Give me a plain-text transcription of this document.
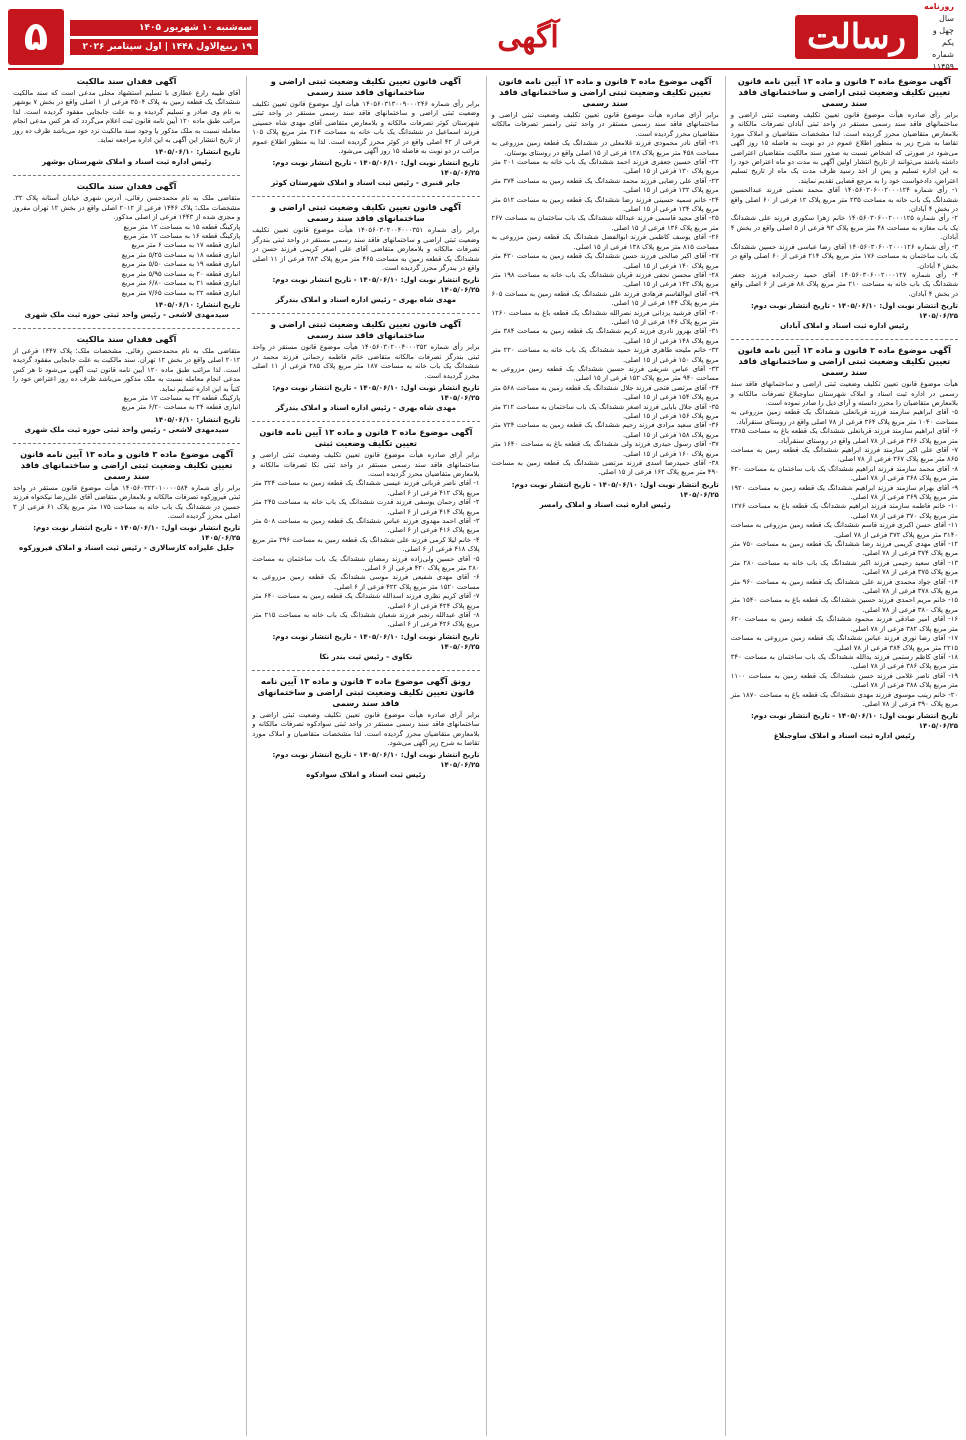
روزنامه
سال چهل و یکم
شماره ۱۱۴۵۹
رسالت
آگهی
سه‌شنبه ۱۰ شهریور ۱۴۰۵
۱۹ ربیع‌الاول ۱۴۴۸ | اول سپتامبر ۲۰۲۶
۵
آگهی موضوع ماده ۳ قانون و ماده ۱۳ آیین نامه قانون تعیین تکلیف وضعیت ثبتی اراضی و ساختمانهای فاقد سند رسمی
برابر رأی صادره هیأت موضوع قانون تعیین تکلیف وضعیت ثبتی اراضی و ساختمانهای فاقد سند رسمی مستقر در واحد ثبتی آبادان تصرفات مالکانه و بلامعارض متقاضیان محرز گردیده است. لذا مشخصات متقاضیان و املاک مورد تقاضا به شرح زیر به منظور اطلاع عموم در دو نوبت به فاصله ۱۵ روز آگهی می‌شود در صورتی که اشخاص نسبت به صدور سند مالکیت متقاضیان اعتراضی داشته باشند می‌توانند از تاریخ انتشار اولین آگهی به مدت دو ماه اعتراض خود را به این اداره تسلیم و پس از اخذ رسید ظرف مدت یک ماه از تاریخ تسلیم اعتراض، دادخواست خود را به مرجع قضایی تقدیم نمایند.
۱- رأی شماره ۱۴۰۵۶۰۳۰۶۰۰۲۰۰۰۱۲۴ آقای محمد نعمتی فرزند عبدالحسین ششدانگ یک باب خانه به مساحت ۲۳۵ متر مربع پلاک ۱۲ فرعی از ۶۰ اصلی واقع در بخش ۴ آبادان.
۲- رأی شماره ۱۴۰۵۶۰۳۰۶۰۰۲۰۰۰۱۲۵ خانم زهرا سکوری فرزند علی ششدانگ یک باب مغازه به مساحت ۴۸ متر مربع پلاک ۹۳ فرعی از ۵ اصلی واقع در بخش ۴ آبادان.
۳- رأی شماره ۱۴۰۵۶۰۳۰۶۰۰۲۰۰۰۱۲۶ آقای رضا عباسی فرزند حسین ششدانگ یک باب ساختمان به مساحت ۱۷۶ متر مربع پلاک ۲۱۴ فرعی از ۶۰ اصلی واقع در بخش ۴ آبادان.
۴- رأی شماره ۱۴۰۵۶۰۳۰۶۰۰۲۰۰۰۱۲۷ آقای حمید رجب‌زاده فرزند جعفر ششدانگ یک باب خانه به مساحت ۲۱۰ متر مربع پلاک ۸۸ فرعی از ۶ اصلی واقع در بخش ۴ آبادان.
تاریخ انتشار نوبت اول: ۱۴۰۵/۰۶/۱۰ - تاریخ انتشار نوبت دوم: ۱۴۰۵/۰۶/۲۵
رئیس اداره ثبت اسناد و املاک آبادان
آگهی موضوع ماده ۳ قانون و ماده ۱۳ آیین نامه قانون تعیین تکلیف وضعیت ثبتی اراضی و ساختمانهای فاقد سند رسمی
هیأت موضوع قانون تعیین تکلیف وضعیت ثبتی اراضی و ساختمانهای فاقد سند رسمی در اداره ثبت اسناد و املاک شهرستان ساوجبلاغ تصرفات مالکانه و بلامعارض متقاضیان را محرز دانسته و آرای ذیل را صادر نموده است.
۵- آقای ابراهیم سازمند فرزند قربانعلی ششدانگ یک قطعه زمین مزروعی به مساحت ۱۰۴۰ متر مربع پلاک ۳۶۴ فرعی از ۷۸ اصلی واقع در روستای سنقرآباد.
۶- آقای ابراهیم سازمند فرزند قربانعلی ششدانگ یک قطعه باغ به مساحت ۲۳۸۵ متر مربع پلاک ۳۶۶ فرعی از ۷۸ اصلی واقع در روستای سنقرآباد.
۷- آقای علی اکبر سازمند فرزند ابراهیم ششدانگ یک قطعه زمین به مساحت ۸۶۵ متر مربع پلاک ۳۶۷ فرعی از ۷۸ اصلی.
۸- آقای محمد سازمند فرزند ابراهیم ششدانگ یک باب ساختمان به مساحت ۴۲۰ متر مربع پلاک ۳۶۸ فرعی از ۷۸ اصلی.
۹- آقای بهرام سازمند فرزند ابراهیم ششدانگ یک قطعه زمین به مساحت ۱۹۲۰ متر مربع پلاک ۳۶۹ فرعی از ۷۸ اصلی.
۱۰- خانم فاطمه سازمند فرزند ابراهیم ششدانگ یک قطعه باغ به مساحت ۱۲۷۶ متر مربع پلاک ۳۷۰ فرعی از ۷۸ اصلی.
۱۱- آقای حسن اکبری فرزند قاسم ششدانگ یک قطعه زمین مزروعی به مساحت ۳۱۴۰ متر مربع پلاک ۳۷۲ فرعی از ۷۸ اصلی.
۱۲- آقای مهدی کریمی فرزند رضا ششدانگ یک قطعه زمین به مساحت ۷۵۰ متر مربع پلاک ۳۷۴ فرعی از ۷۸ اصلی.
۱۳- آقای سعید رحیمی فرزند اکبر ششدانگ یک باب خانه به مساحت ۲۸۰ متر مربع پلاک ۳۷۵ فرعی از ۷۸ اصلی.
۱۴- آقای جواد محمدی فرزند علی ششدانگ یک قطعه زمین به مساحت ۹۶۰ متر مربع پلاک ۳۷۸ فرعی از ۷۸ اصلی.
۱۵- خانم مریم احمدی فرزند حسین ششدانگ یک قطعه باغ به مساحت ۱۵۴۰ متر مربع پلاک ۳۸۰ فرعی از ۷۸ اصلی.
۱۶- آقای امیر صادقی فرزند محمود ششدانگ یک قطعه زمین به مساحت ۶۲۰ متر مربع پلاک ۳۸۲ فرعی از ۷۸ اصلی.
۱۷- آقای رضا نوری فرزند عباس ششدانگ یک قطعه زمین مزروعی به مساحت ۲۲۱۵ متر مربع پلاک ۳۸۴ فرعی از ۷۸ اصلی.
۱۸- آقای کاظم رستمی فرزند یدالله ششدانگ یک باب ساختمان به مساحت ۳۴۰ متر مربع پلاک ۳۸۶ فرعی از ۷۸ اصلی.
۱۹- آقای ناصر غلامی فرزند حسن ششدانگ یک قطعه زمین به مساحت ۱۱۰۰ متر مربع پلاک ۳۸۸ فرعی از ۷۸ اصلی.
۲۰- خانم زینب موسوی فرزند مهدی ششدانگ یک قطعه باغ به مساحت ۱۸۷۰ متر مربع پلاک ۳۹۰ فرعی از ۷۸ اصلی.
تاریخ انتشار نوبت اول: ۱۴۰۵/۰۶/۱۰ - تاریخ انتشار نوبت دوم: ۱۴۰۵/۰۶/۲۵
رئیس اداره ثبت اسناد و املاک ساوجبلاغ
آگهی موضوع ماده ۳ قانون و ماده ۱۳ آیین نامه قانون تعیین تکلیف وضعیت ثبتی اراضی و ساختمانهای فاقد سند رسمی
برابر آرای صادره هیأت موضوع قانون تعیین تکلیف وضعیت ثبتی اراضی و ساختمانهای فاقد سند رسمی مستقر در واحد ثبتی رامسر تصرفات مالکانه متقاضیان محرز گردیده است.
۲۱- آقای نادر محمودی فرزند غلامعلی در ششدانگ یک قطعه زمین مزروعی به مساحت ۴۵۸ متر مربع پلاک ۱۲۸ فرعی از ۱۵ اصلی واقع در روستای بوستان.
۲۲- آقای حسین جعفری فرزند احمد ششدانگ یک باب خانه به مساحت ۲۰۱ متر مربع پلاک ۱۳۰ فرعی از ۱۵ اصلی.
۲۳- آقای علی رضایی فرزند محمد ششدانگ یک قطعه زمین به مساحت ۳۷۴ متر مربع پلاک ۱۳۲ فرعی از ۱۵ اصلی.
۲۴- خانم سمیه حسینی فرزند رضا ششدانگ یک قطعه زمین به مساحت ۵۱۲ متر مربع پلاک ۱۳۴ فرعی از ۱۵ اصلی.
۲۵- آقای مجید قاسمی فرزند عبدالله ششدانگ یک باب ساختمان به مساحت ۲۶۷ متر مربع پلاک ۱۳۶ فرعی از ۱۵ اصلی.
۲۶- آقای یوسف کاظمی فرزند ابوالفضل ششدانگ یک قطعه زمین مزروعی به مساحت ۸۱۵ متر مربع پلاک ۱۳۸ فرعی از ۱۵ اصلی.
۲۷- آقای اکبر صالحی فرزند حسن ششدانگ یک قطعه زمین به مساحت ۴۳۰ متر مربع پلاک ۱۴۰ فرعی از ۱۵ اصلی.
۲۸- آقای محسن نجفی فرزند قربان ششدانگ یک باب خانه به مساحت ۱۹۸ متر مربع پلاک ۱۴۲ فرعی از ۱۵ اصلی.
۲۹- آقای ابوالقاسم فرهادی فرزند علی ششدانگ یک قطعه زمین به مساحت ۶۰۵ متر مربع پلاک ۱۴۴ فرعی از ۱۵ اصلی.
۳۰- آقای فرشید یزدانی فرزند نصرالله ششدانگ یک قطعه باغ به مساحت ۱۲۶۰ متر مربع پلاک ۱۴۶ فرعی از ۱۵ اصلی.
۳۱- آقای بهروز نادری فرزند کریم ششدانگ یک قطعه زمین به مساحت ۳۸۴ متر مربع پلاک ۱۴۸ فرعی از ۱۵ اصلی.
۳۲- خانم ملیحه طاهری فرزند حمید ششدانگ یک باب خانه به مساحت ۲۲۰ متر مربع پلاک ۱۵۰ فرعی از ۱۵ اصلی.
۳۳- آقای عباس شریفی فرزند حسین ششدانگ یک قطعه زمین مزروعی به مساحت ۹۴۰ متر مربع پلاک ۱۵۲ فرعی از ۱۵ اصلی.
۳۴- آقای مرتضی فتحی فرزند جلال ششدانگ یک قطعه زمین به مساحت ۵۶۸ متر مربع پلاک ۱۵۴ فرعی از ۱۵ اصلی.
۳۵- آقای جلال بابایی فرزند اصغر ششدانگ یک باب ساختمان به مساحت ۳۱۲ متر مربع پلاک ۱۵۶ فرعی از ۱۵ اصلی.
۳۶- آقای سعید مرادی فرزند رحیم ششدانگ یک قطعه زمین به مساحت ۷۲۴ متر مربع پلاک ۱۵۸ فرعی از ۱۵ اصلی.
۳۷- آقای رسول حیدری فرزند ولی ششدانگ یک قطعه باغ به مساحت ۱۶۴۰ متر مربع پلاک ۱۶۰ فرعی از ۱۵ اصلی.
۳۸- آقای حمیدرضا اسدی فرزند مرتضی ششدانگ یک قطعه زمین به مساحت ۴۹۰ متر مربع پلاک ۱۶۲ فرعی از ۱۵ اصلی.
تاریخ انتشار نوبت اول: ۱۴۰۵/۰۶/۱۰ - تاریخ انتشار نوبت دوم: ۱۴۰۵/۰۶/۲۵
رئیس اداره ثبت اسناد و املاک رامسر
آگهی قانون تعیین تکلیف وضعیت ثبتی اراضی و ساختمانهای فاقد سند رسمی
برابر رأی شماره ۱۴۰۵۶۰۳۱۳۰۰۹۰۰۰۲۴۶ هیأت اول موضوع قانون تعیین تکلیف وضعیت ثبتی اراضی و ساختمانهای فاقد سند رسمی مستقر در واحد ثبتی شهرستان کوثر تصرفات مالکانه و بلامعارض متقاضی آقای مهدی شاه حسینی فرزند اسماعیل در ششدانگ یک باب خانه به مساحت ۲۱۴ متر مربع پلاک ۱۰۵ فرعی از ۴۲ اصلی واقع در کوثر محرز گردیده است. لذا به منظور اطلاع عموم مراتب در دو نوبت به فاصله ۱۵ روز آگهی می‌شود.
تاریخ انتشار نوبت اول: ۱۴۰۵/۰۶/۱۰ - تاریخ انتشار نوبت دوم: ۱۴۰۵/۰۶/۲۵
جابر قنبری - رئیس ثبت اسناد و املاک شهرستان کوثر
آگهی قانون تعیین تکلیف وضعیت ثبتی اراضی و ساختمانهای فاقد سند رسمی
برابر رأی شماره ۱۴۰۵۶۰۳۰۲۰۰۴۰۰۰۳۵۱ هیأت موضوع قانون تعیین تکلیف وضعیت ثبتی اراضی و ساختمانهای فاقد سند رسمی مستقر در واحد ثبتی بندرگز تصرفات مالکانه و بلامعارض متقاضی آقای علی اصغر کریمی فرزند حسن در ششدانگ یک قطعه زمین به مساحت ۴۶۵ متر مربع پلاک ۲۸۳ فرعی از ۱۱ اصلی واقع در بندرگز محرز گردیده است.
تاریخ انتشار نوبت اول: ۱۴۰۵/۰۶/۱۰ - تاریخ انتشار نوبت دوم: ۱۴۰۵/۰۶/۲۵
مهدی شاه بهری - رئیس اداره اسناد و املاک بندرگز
آگهی قانون تعیین تکلیف وضعیت ثبتی اراضی و ساختمانهای فاقد سند رسمی
برابر رأی شماره ۱۴۰۵۶۰۳۰۲۰۰۴۰۰۰۳۵۲ هیأت موضوع قانون مستقر در واحد ثبتی بندرگز تصرفات مالکانه متقاضی خانم فاطمه رحمانی فرزند محمد در ششدانگ یک باب خانه به مساحت ۱۸۷ متر مربع پلاک ۲۸۵ فرعی از ۱۱ اصلی محرز گردیده است.
تاریخ انتشار نوبت اول: ۱۴۰۵/۰۶/۱۰ - تاریخ انتشار نوبت دوم: ۱۴۰۵/۰۶/۲۵
مهدی شاه بهری - رئیس اداره اسناد و املاک بندرگز
آگهی موضوع ماده ۳ قانون و ماده ۱۳ آیین نامه قانون تعیین تکلیف وضعیت ثبتی
برابر آرای صادره هیأت موضوع قانون تعیین تکلیف وضعیت ثبتی اراضی و ساختمانهای فاقد سند رسمی مستقر در واحد ثبتی نکا تصرفات مالکانه و بلامعارض متقاضیان محرز گردیده است.
۱- آقای ناصر قربانی فرزند عیسی ششدانگ یک قطعه زمین به مساحت ۳۲۴ متر مربع پلاک ۴۱۲ فرعی از ۶ اصلی.
۲- آقای رحمان یوسفی فرزند قدرت ششدانگ یک باب خانه به مساحت ۲۴۵ متر مربع پلاک ۴۱۴ فرعی از ۶ اصلی.
۳- آقای احمد مهدوی فرزند عباس ششدانگ یک قطعه زمین به مساحت ۵۰۸ متر مربع پلاک ۴۱۶ فرعی از ۶ اصلی.
۴- خانم لیلا کرمی فرزند علی ششدانگ یک قطعه زمین به مساحت ۳۹۶ متر مربع پلاک ۴۱۸ فرعی از ۶ اصلی.
۵- آقای حسین ولی‌زاده فرزند رمضان ششدانگ یک باب ساختمان به مساحت ۲۸۰ متر مربع پلاک ۴۲۰ فرعی از ۶ اصلی.
۶- آقای مهدی شفیعی فرزند موسی ششدانگ یک قطعه زمین مزروعی به مساحت ۱۵۲۰ متر مربع پلاک ۴۲۲ فرعی از ۶ اصلی.
۷- آقای کریم نظری فرزند اسدالله ششدانگ یک قطعه زمین به مساحت ۶۴۰ متر مربع پلاک ۴۲۴ فرعی از ۶ اصلی.
۸- آقای عبدالله رنجبر فرزند شعبان ششدانگ یک باب خانه به مساحت ۲۱۵ متر مربع پلاک ۴۲۶ فرعی از ۶ اصلی.
تاریخ انتشار نوبت اول: ۱۴۰۵/۰۶/۱۰ - تاریخ انتشار نوبت دوم: ۱۴۰۵/۰۶/۲۵
نکاوی - رئیس ثبت بندر نکا
رونق آگهی موضوع ماده ۳ قانون و ماده ۱۳ آیین نامه قانون تعیین تکلیف وضعیت ثبتی اراضی و ساختمانهای فاقد سند رسمی
برابر آرای صادره هیأت موضوع قانون تعیین تکلیف وضعیت ثبتی اراضی و ساختمانهای فاقد سند رسمی مستقر در واحد ثبتی سوادکوه تصرفات مالکانه و بلامعارض متقاضیان محرز گردیده است. لذا مشخصات متقاضیان و املاک مورد تقاضا به شرح زیر آگهی می‌شود.
تاریخ انتشار نوبت اول: ۱۴۰۵/۰۶/۱۰ - تاریخ انتشار نوبت دوم: ۱۴۰۵/۰۶/۲۵
رئیس ثبت اسناد و املاک سوادکوه
آگهی فقدان سند مالکیت
آقای طیبه زارع عطاری با تسلیم استشهاد محلی مدعی است که سند مالکیت ششدانگ یک قطعه زمین به پلاک ۳۵۰۴ فرعی از ۱ اصلی واقع در بخش ۷ بوشهر به نام وی صادر و تسلیم گردیده و به علت جابجایی مفقود گردیده است. لذا مراتب طبق ماده ۱۲۰ آیین نامه قانون ثبت اعلام می‌گردد که هر کس مدعی انجام معامله نسبت به ملک مذکور یا وجود سند مالکیت نزد خود می‌باشد ظرف ده روز از تاریخ انتشار این آگهی به این اداره مراجعه نماید.
تاریخ انتشار: ۱۴۰۵/۰۶/۱۰
رئیس اداره ثبت اسناد و املاک شهرستان بوشهر
آگهی فقدان سند مالکیت
متقاضی ملک به نام محمدحسن رفائی، آدرس شهری خیابان آستانه پلاک ۳۲. مشخصات ملک: پلاک ۱۴۴۶ فرعی از ۲۰۱۲ اصلی واقع در بخش ۱۲ تهران مفروز و مجزی شده از ۱۴۴۳ فرعی از اصلی مذکور.
پارکینگ قطعه ۱۵ به مساحت ۱۲ متر مربع
پارکینگ قطعه ۱۶ به مساحت ۱۲ متر مربع
انباری قطعه ۱۷ به مساحت ۶ متر مربع
انباری قطعه ۱۸ به مساحت ۵/۲۵ متر مربع
انباری قطعه ۱۹ به مساحت ۵/۵۰ متر مربع
انباری قطعه ۲۰ به مساحت ۵/۹۵ متر مربع
انباری قطعه ۲۱ به مساحت ۶/۸۰ متر مربع
انباری قطعه ۲۲ به مساحت ۷/۶۵ متر مربع
تاریخ انتشار: ۱۴۰۵/۰۶/۱۰
سیدمهدی لاشعی - رئیس واحد ثبتی حوزه ثبت ملک شهری
آگهی فقدان سند مالکیت
متقاضی ملک به نام محمدحسن رفائی. مشخصات ملک: پلاک ۱۴۴۷ فرعی از ۲۰۱۲ اصلی واقع در بخش ۱۲ تهران. سند مالکیت به علت جابجایی مفقود گردیده است. لذا مراتب طبق ماده ۱۲۰ آیین نامه قانون ثبت آگهی می‌شود تا هر کس مدعی انجام معامله نسبت به ملک مذکور می‌باشد ظرف ده روز اعتراض خود را کتباً به این اداره تسلیم نماید.
پارکینگ قطعه ۲۳ به مساحت ۱۲ متر مربع
انباری قطعه ۲۴ به مساحت ۶/۲۰ متر مربع
تاریخ انتشار: ۱۴۰۵/۰۶/۱۰
سیدمهدی لاشعی - رئیس واحد ثبتی حوزه ثبت ملک شهری
آگهی موضوع ماده ۳ قانون و ماده ۱۳ آیین نامه قانون تعیین تکلیف وضعیت ثبتی اراضی و ساختمانهای فاقد سند رسمی
برابر رأی شماره ۱۴۰۵۶۰۳۲۲۰۱۰۰۰۰۵۸۴ هیأت موضوع قانون مستقر در واحد ثبتی فیروزکوه تصرفات مالکانه و بلامعارض متقاضی آقای علی‌رضا نیکخواه فرزند حسین در ششدانگ یک باب خانه به مساحت ۱۷۵ متر مربع پلاک ۶۱ فرعی از ۳ اصلی محرز گردیده است.
تاریخ انتشار نوبت اول: ۱۴۰۵/۰۶/۱۰ - تاریخ انتشار نوبت دوم: ۱۴۰۵/۰۶/۲۵
جلیل علیزاده کارسالاری - رئیس ثبت اسناد و املاک فیروزکوه
